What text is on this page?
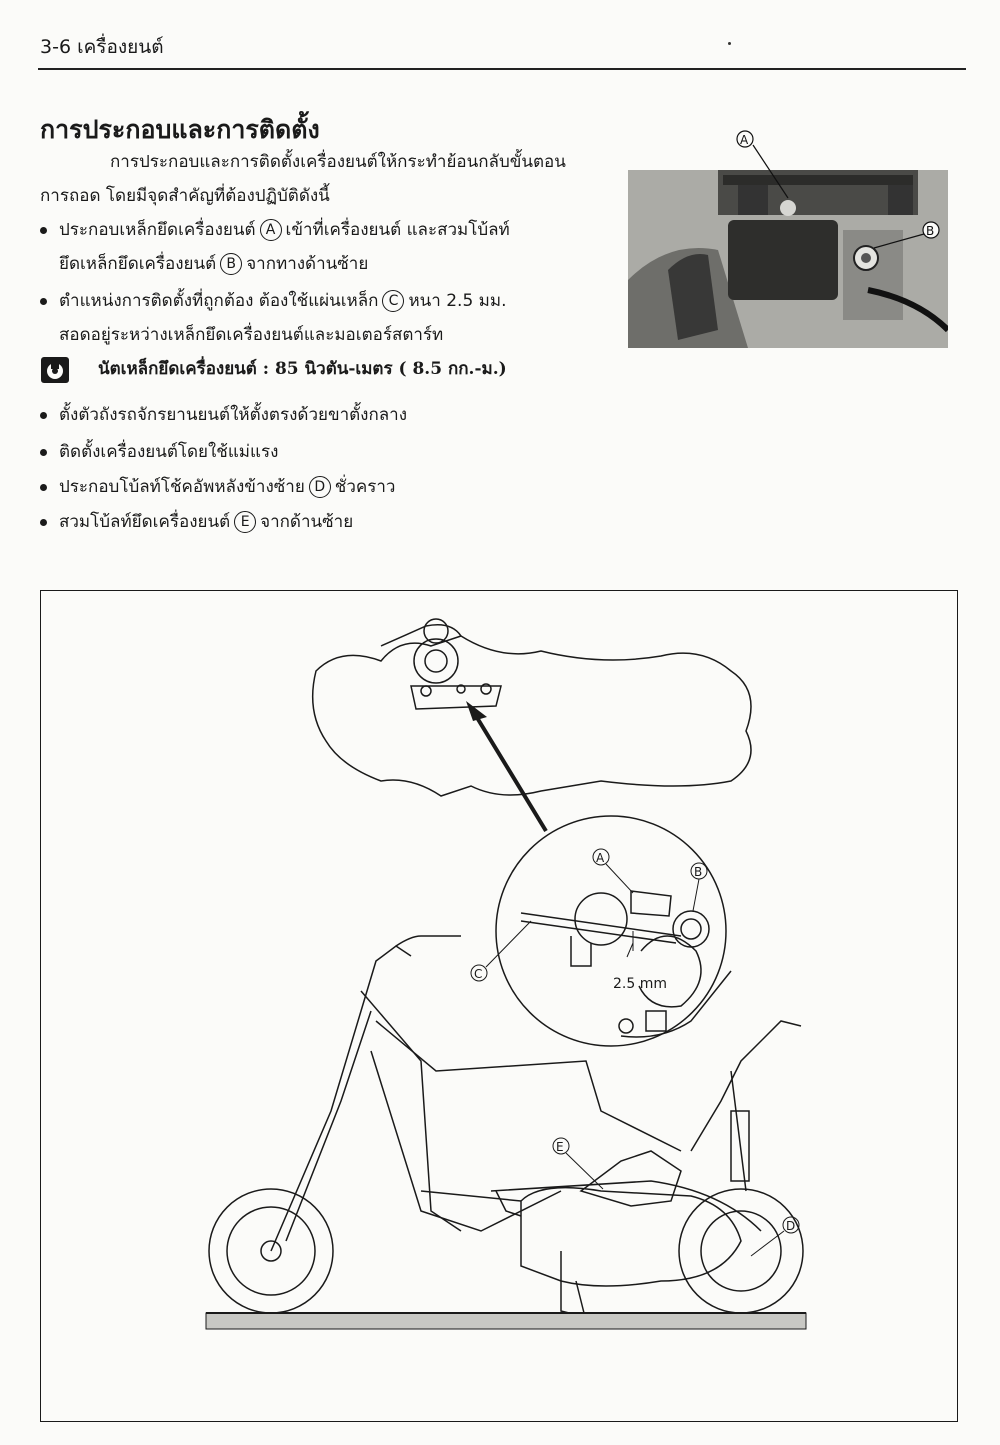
3-6 เครื่องยนต์
การประกอบและการติดตั้ง
การประกอบและการติดตั้งเครื่องยนต์ให้กระทำย้อนกลับขั้นตอน
การถอด โดยมีจุดสำคัญที่ต้องปฏิบัติดังนี้
ประกอบเหล็กยึดเครื่องยนต์ A เข้าที่เครื่องยนต์ และสวมโบ้ลท์
ยึดเหล็กยึดเครื่องยนต์ B จากทางด้านซ้าย
ตำแหน่งการติดตั้งที่ถูกต้อง ต้องใช้แผ่นเหล็ก C หนา 2.5 มม.
สอดอยู่ระหว่างเหล็กยึดเครื่องยนต์และมอเตอร์สตาร์ท
นัตเหล็กยึดเครื่องยนต์ : 85 นิวตัน-เมตร ( 8.5 กก.-ม.)
ตั้งตัวถังรถจักรยานยนต์ให้ตั้งตรงด้วยขาตั้งกลาง
ติดตั้งเครื่องยนต์โดยใช้แม่แรง
ประกอบโบ้ลท์โช้คอัพหลังข้างซ้าย D ชั่วคราว
สวมโบ้ลท์ยึดเครื่องยนต์ E จากด้านซ้าย
A
B
2.5 mm
A
B
C
E
D
